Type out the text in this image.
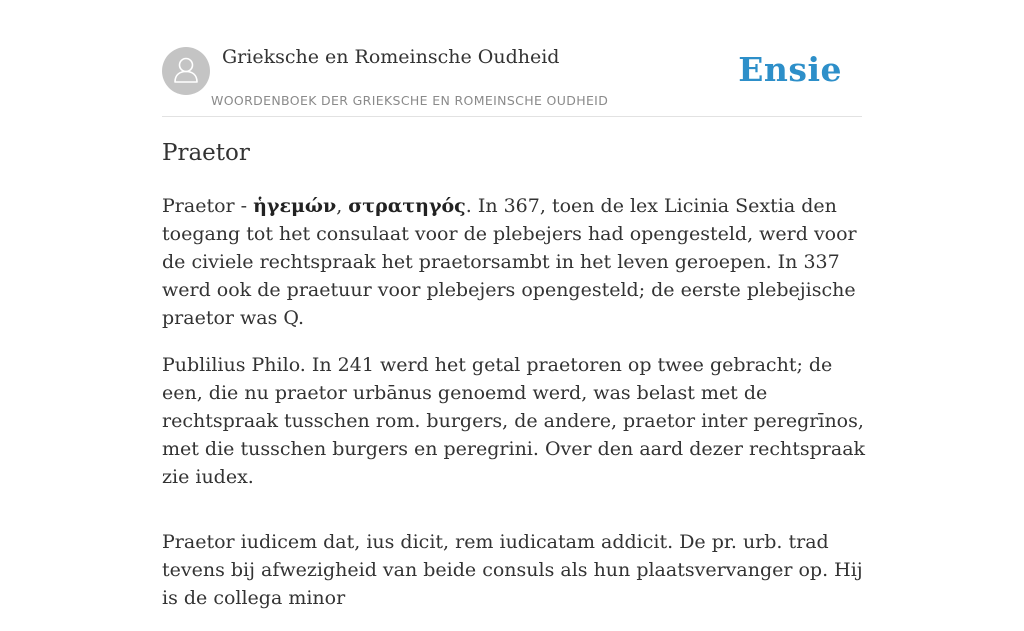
Grieksche en Romeinsche Oudheid
WOORDENBOEK DER GRIEKSCHE EN ROMEINSCHE OUDHEID
Ensie
Praetor

Praetor - ἡγεμών, στρατηγός. In 367, toen de lex Licinia Sextia den toegang tot het consulaat voor de plebejers had opengesteld, werd voor de civiele rechtspraak het praetorsambt in het leven geroepen. In 337 werd ook de praetuur voor plebejers opengesteld; de eerste plebejische praetor was Q.

Publilius Philo. In 241 werd het getal praetoren op twee gebracht; de een, die nu praetor urbānus genoemd werd, was belast met de rechtspraak tusschen rom. burgers, de andere, praetor inter peregrīnos, met die tusschen burgers en peregrini. Over den aard dezer rechtspraak zie iudex.

Praetor iudicem dat, ius dicit, rem iudicatam addicit. De pr. urb. trad tevens bij afwezigheid van beide consuls als hun plaatsvervanger op. Hij is de collega minor
